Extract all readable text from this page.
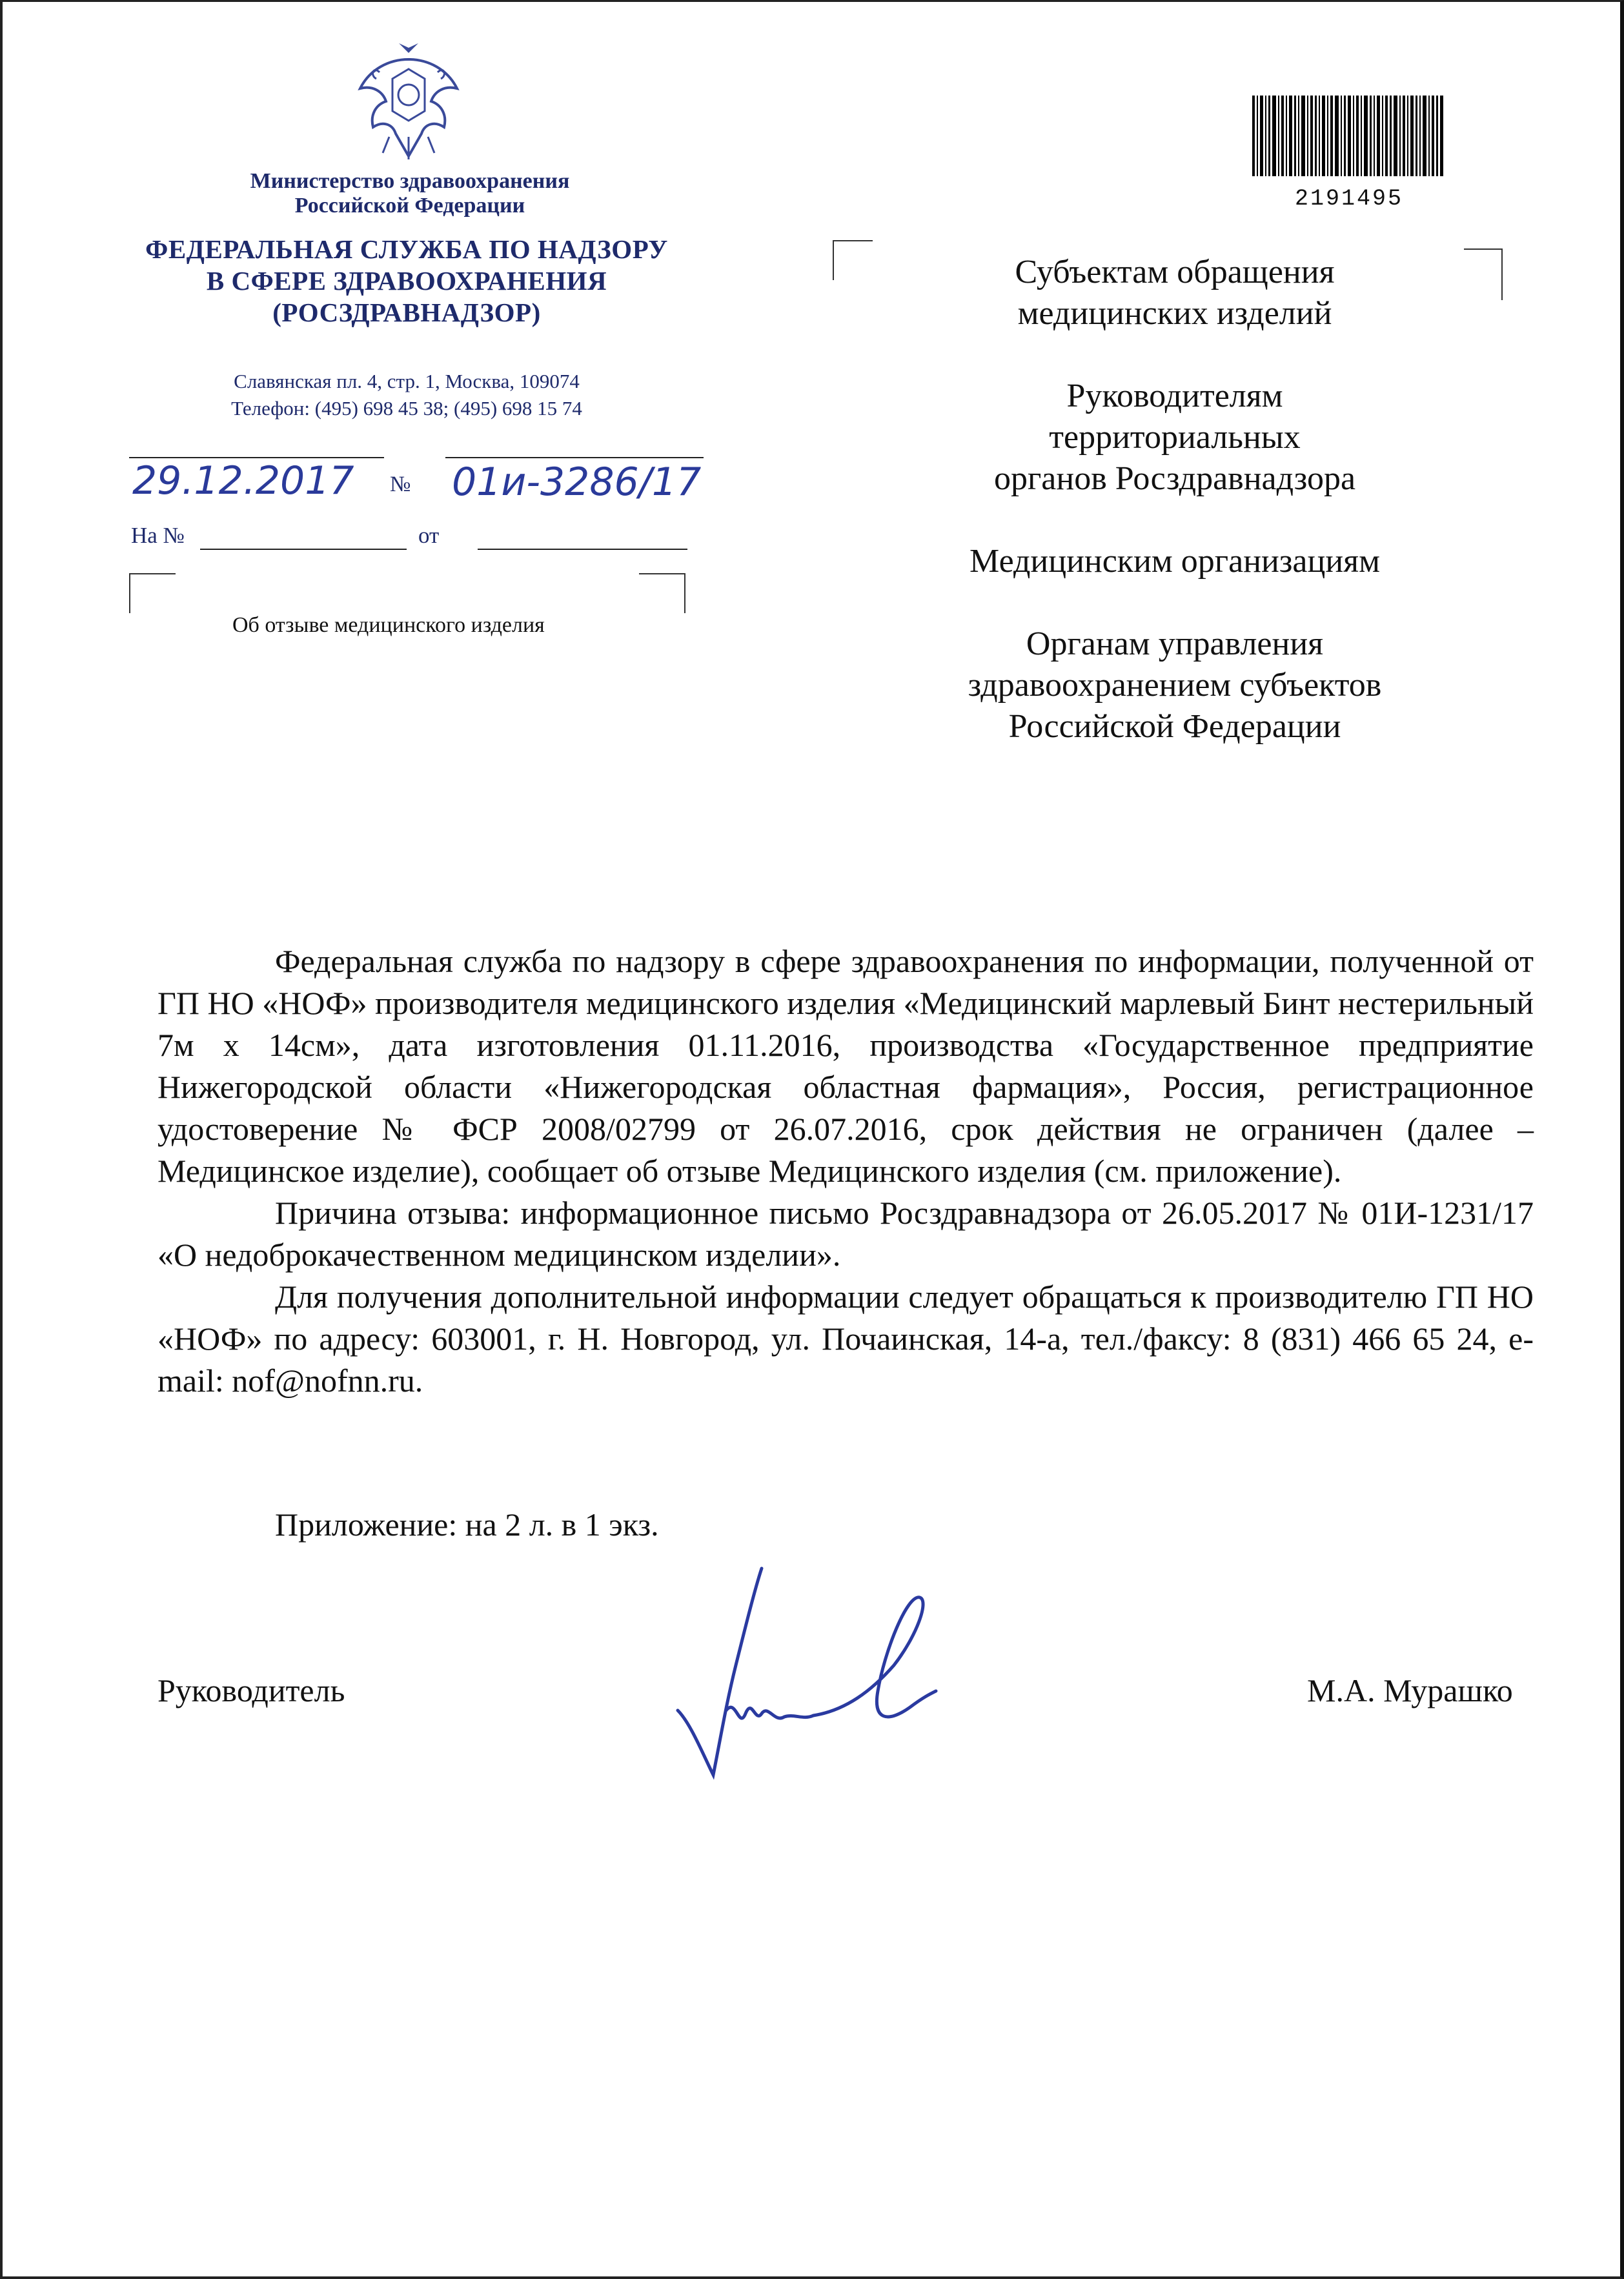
Министерство здравоохранения
Российской Федерации
ФЕДЕРАЛЬНАЯ СЛУЖБА ПО НАДЗОРУ
В СФЕРЕ ЗДРАВООХРАНЕНИЯ
(РОСЗДРАВНАДЗОР)
Славянская пл. 4, стр. 1, Москва, 109074
Телефон: (495) 698 45 38; (495) 698 15 74
29.12.2017 № 01и-3286/17
На №	от
Об отзыве медицинского изделия
2191495
Субъектам обращения
медицинских изделий
Руководителям
территориальных
органов Росздравнадзора
Медицинским организациям
Органам управления
здравоохранением субъектов
Российской Федерации

Федеральная служба по надзору в сфере здравоохранения по информации, полученной от ГП НО «НОФ» производителя медицинского изделия «Медицинский марлевый Бинт нестерильный 7м х 14см», дата изготовления 01.11.2016, производства «Государственное предприятие Нижегородской области «Нижегородская областная фармация», Россия, регистрационное удостоверение № ФСР 2008/02799 от 26.07.2016, срок действия не ограничен (далее – Медицинское изделие), сообщает об отзыве Медицинского изделия (см. приложение).

Причина отзыва: информационное письмо Росздравнадзора от 26.05.2017 № 01И-1231/17 «О недоброкачественном медицинском изделии».

Для получения дополнительной информации следует обращаться к производителю ГП НО «НОФ» по адресу: 603001, г. Н. Новгород, ул. Почаинская, 14-а, тел./факсу: 8 (831) 466 65 24, e-mail: nof@nofnn.ru.

Приложение: на 2 л. в 1 экз.
Руководитель	М.А. Мурашко
